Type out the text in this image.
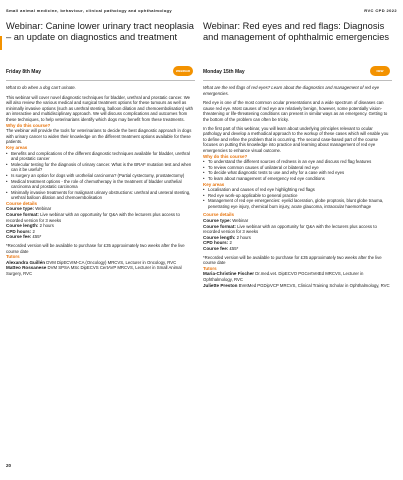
Small animal medicine, behaviour, clinical pathology and ophthalmology	RVC CPD 2022
Webinar: Canine lower urinary tract neoplasia – an update on diagnostics and treatment
Friday 8th May	WEBINAR

What to do when a dog can't urinate.

This webinar will cover novel diagnostic techniques for bladder, urethral and prostatic cancer. We will also review the various medical and surgical treatment options for these tumours as well as minimally invasive options (such as urethral stenting, balloon dilation and chemoembolisation) with an interactive and multidisciplinary approach. We will discuss complications and outcomes from these techniques, to help veterinarians identify which dogs may benefit from these treatments.

Why do this course?

The webinar will provide the tools for veterinarians to decide the best diagnostic approach in dogs with urinary cancer to widen their knowledge on the different treatment options available for these patients.

Key areas

• Benefits and complications of the different diagnostic techniques available for bladder, urethral and prostatic cancer
• Molecular testing for the diagnosis of urinary cancer. What is the BRAF mutation test and when can it be useful?
• Is surgery an option for dogs with urothelial carcinoma? (Partial cystectomy, prostatectomy)
• Medical treatment options - the role of chemotherapy in the treatment of bladder urothelial carcinoma and prostatic carcinoma
• Minimally invasive treatments for malignant urinary obstructions: urethral and ureteral stenting, urethral balloon dilation and chemoembolisation

Course details

Course type: Webinar

Course format: Live webinar with an opportunity for Q&A with the lecturers plus access to recorded version for 3 weeks

Course length: 2 hours

CPD hours: 2

Course fee: £55*

*Recorded version will be available to purchase for £35 approximately two weeks after the live course date

Tutors

Alexandra Guillén DVM DipECVIM-CA (Oncology) MRCVS, Lecturer in Oncology, RVC

Matteo Rossanese DVM SPSA MSc DipECVS CertAVP MRCVS, Lecturer in Small Animal Surgery, RVC

Webinar: Red eyes and red flags: Diagnosis and management of ophthalmic emergencies
Monday 15th May	NEW

What are the red flags of red eyes? Learn about the diagnostics and management of red eye emergencies.

Red eye is one of the most common ocular presentations and a wide spectrum of diseases can cause red eye. Most causes of red eye are relatively benign, however, some potentially vision-threatening or life-threatening conditions can present in similar ways as an emergency. Getting to the bottom of the problem can often be tricky.

In the first part of this webinar, you will learn about underlying principles relevant to ocular pathology and develop a methodical approach to the workup of these cases which will enable you to define and refine the problem that is occurring. The second case-based part of the course focuses on putting this knowledge into practice and learning about management of red eye emergencies to enhance visual outcome.

Why do this course?

• To understand the different sources of redness in an eye and discuss red flag features
• To review common causes of unilateral or bilateral red eye
• To decide what diagnostic tests to use and why for a case with red eyes
• To learn about management of emergency red eye conditions

Key areas

• Localisation and causes of red eye highlighting red flags
• Red eye work-up applicable to general practice
• Management of red eye emergencies: eyelid laceration, globe proptosis, blunt globe trauma, penetrating eye injury, chemical burn injury, acute glaucoma, intraocular haemorrhage

Course details

Course type: Webinar

Course format: Live webinar with an opportunity for Q&A with the lecturers plus access to recorded version for 3 weeks

Course length: 2 hours

CPD hours: 2

Course fee: £55*

*Recorded version will be available to purchase for £35 approximately two weeks after the live course date

Tutors

Maria-Christine Fischer Dr.med.vet. DipECVO PGCertVetEd MRCVS, Lecturer in Ophthalmology, RVC

Juliette Preston BVetMed PGDipVCP MRCVS, Clinical Training Scholar in Ophthalmology, RVC

20
